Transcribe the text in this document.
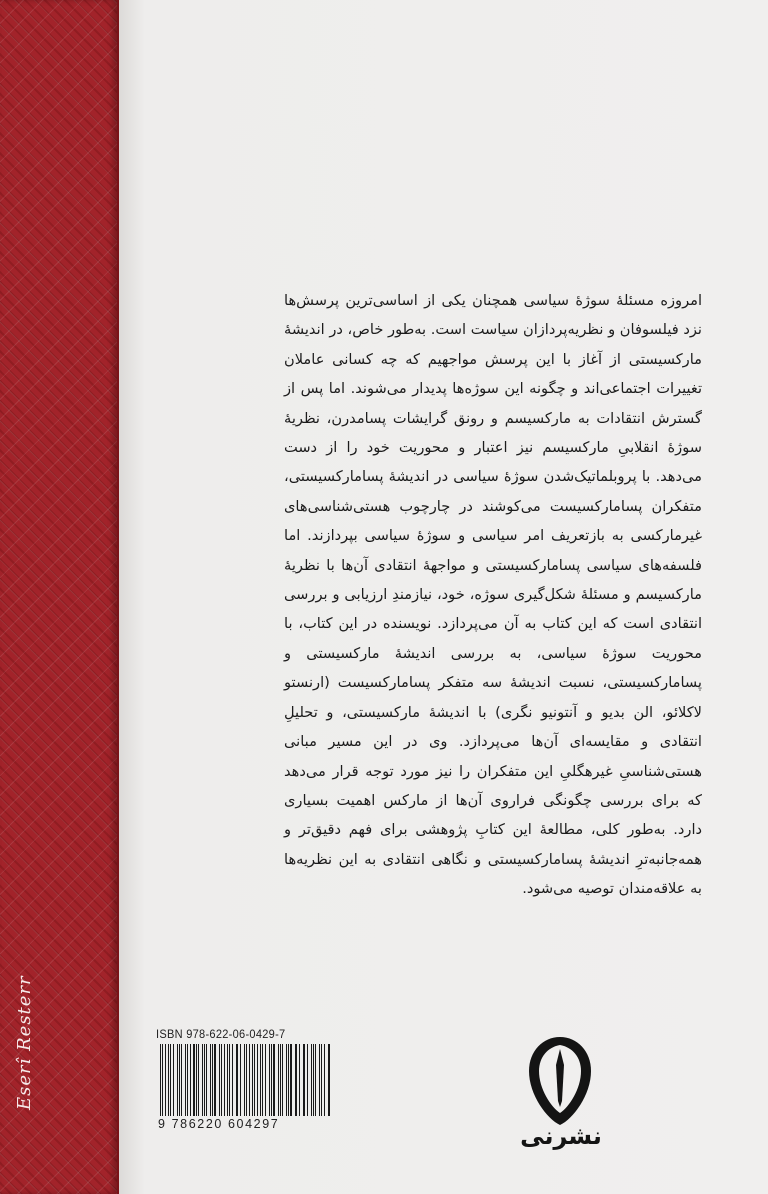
Eserî Resterr

امروزه مسئلهٔ سوژهٔ سیاسی همچنان یکی از اساسی‌ترین پرسش‌ها نزد فیلسوفان و نظریه‌پردازان سیاست است. به‌طور خاص، در اندیشهٔ مارکسیستی از آغاز با این پرسش مواجهیم که چه کسانی عاملان تغییرات اجتماعی‌اند و چگونه این سوژه‌ها پدیدار می‌شوند. اما پس از گسترش انتقادات به مارکسیسم و رونق گرایشات پسامدرن، نظریهٔ سوژهٔ انقلابیِ مارکسیسم نیز اعتبار و محوریت خود را از دست می‌دهد. با پروبلماتیک‌شدن سوژهٔ سیاسی در اندیشهٔ پسامارکسیستی، متفکران پسامارکسیست می‌کوشند در چارچوب هستی‌شناسی‌های غیرمارکسی به بازتعریف امر سیاسی و سوژهٔ سیاسی بپردازند. اما فلسفه‌های سیاسی پسامارکسیستی و مواجههٔ انتقادی آن‌ها با نظریهٔ مارکسیسم و مسئلهٔ شکل‌گیری سوژه، خود، نیازمندِ ارزیابی و بررسی انتقادی است که این کتاب به آن می‌پردازد. نویسنده در این کتاب، با محوریت سوژهٔ سیاسی، به بررسی اندیشهٔ مارکسیستی و پسامارکسیستی، نسبت اندیشهٔ سه متفکر پسامارکسیست (ارنستو لاکلائو، الن بدیو و آنتونیو نگری) با اندیشهٔ مارکسیستی، و تحلیلِ انتقادی و مقایسه‌ای آن‌ها می‌پردازد. وی در این مسیر مبانی هستی‌شناسیِ غیرهگلیِ این متفکران را نیز مورد توجه قرار می‌دهد که برای بررسی چگونگی فراروی آن‌ها از مارکس اهمیت بسیاری دارد. به‌طور کلی، مطالعهٔ این کتابِ پژوهشی برای فهم دقیق‌تر و همه‌جانبه‌ترِ اندیشهٔ پسامارکسیستی و نگاهی انتقادی به این نظریه‌ها به علاقه‌مندان توصیه می‌شود.

ISBN 978-622-06-0429-7
9 786220 604297	نشرنی
